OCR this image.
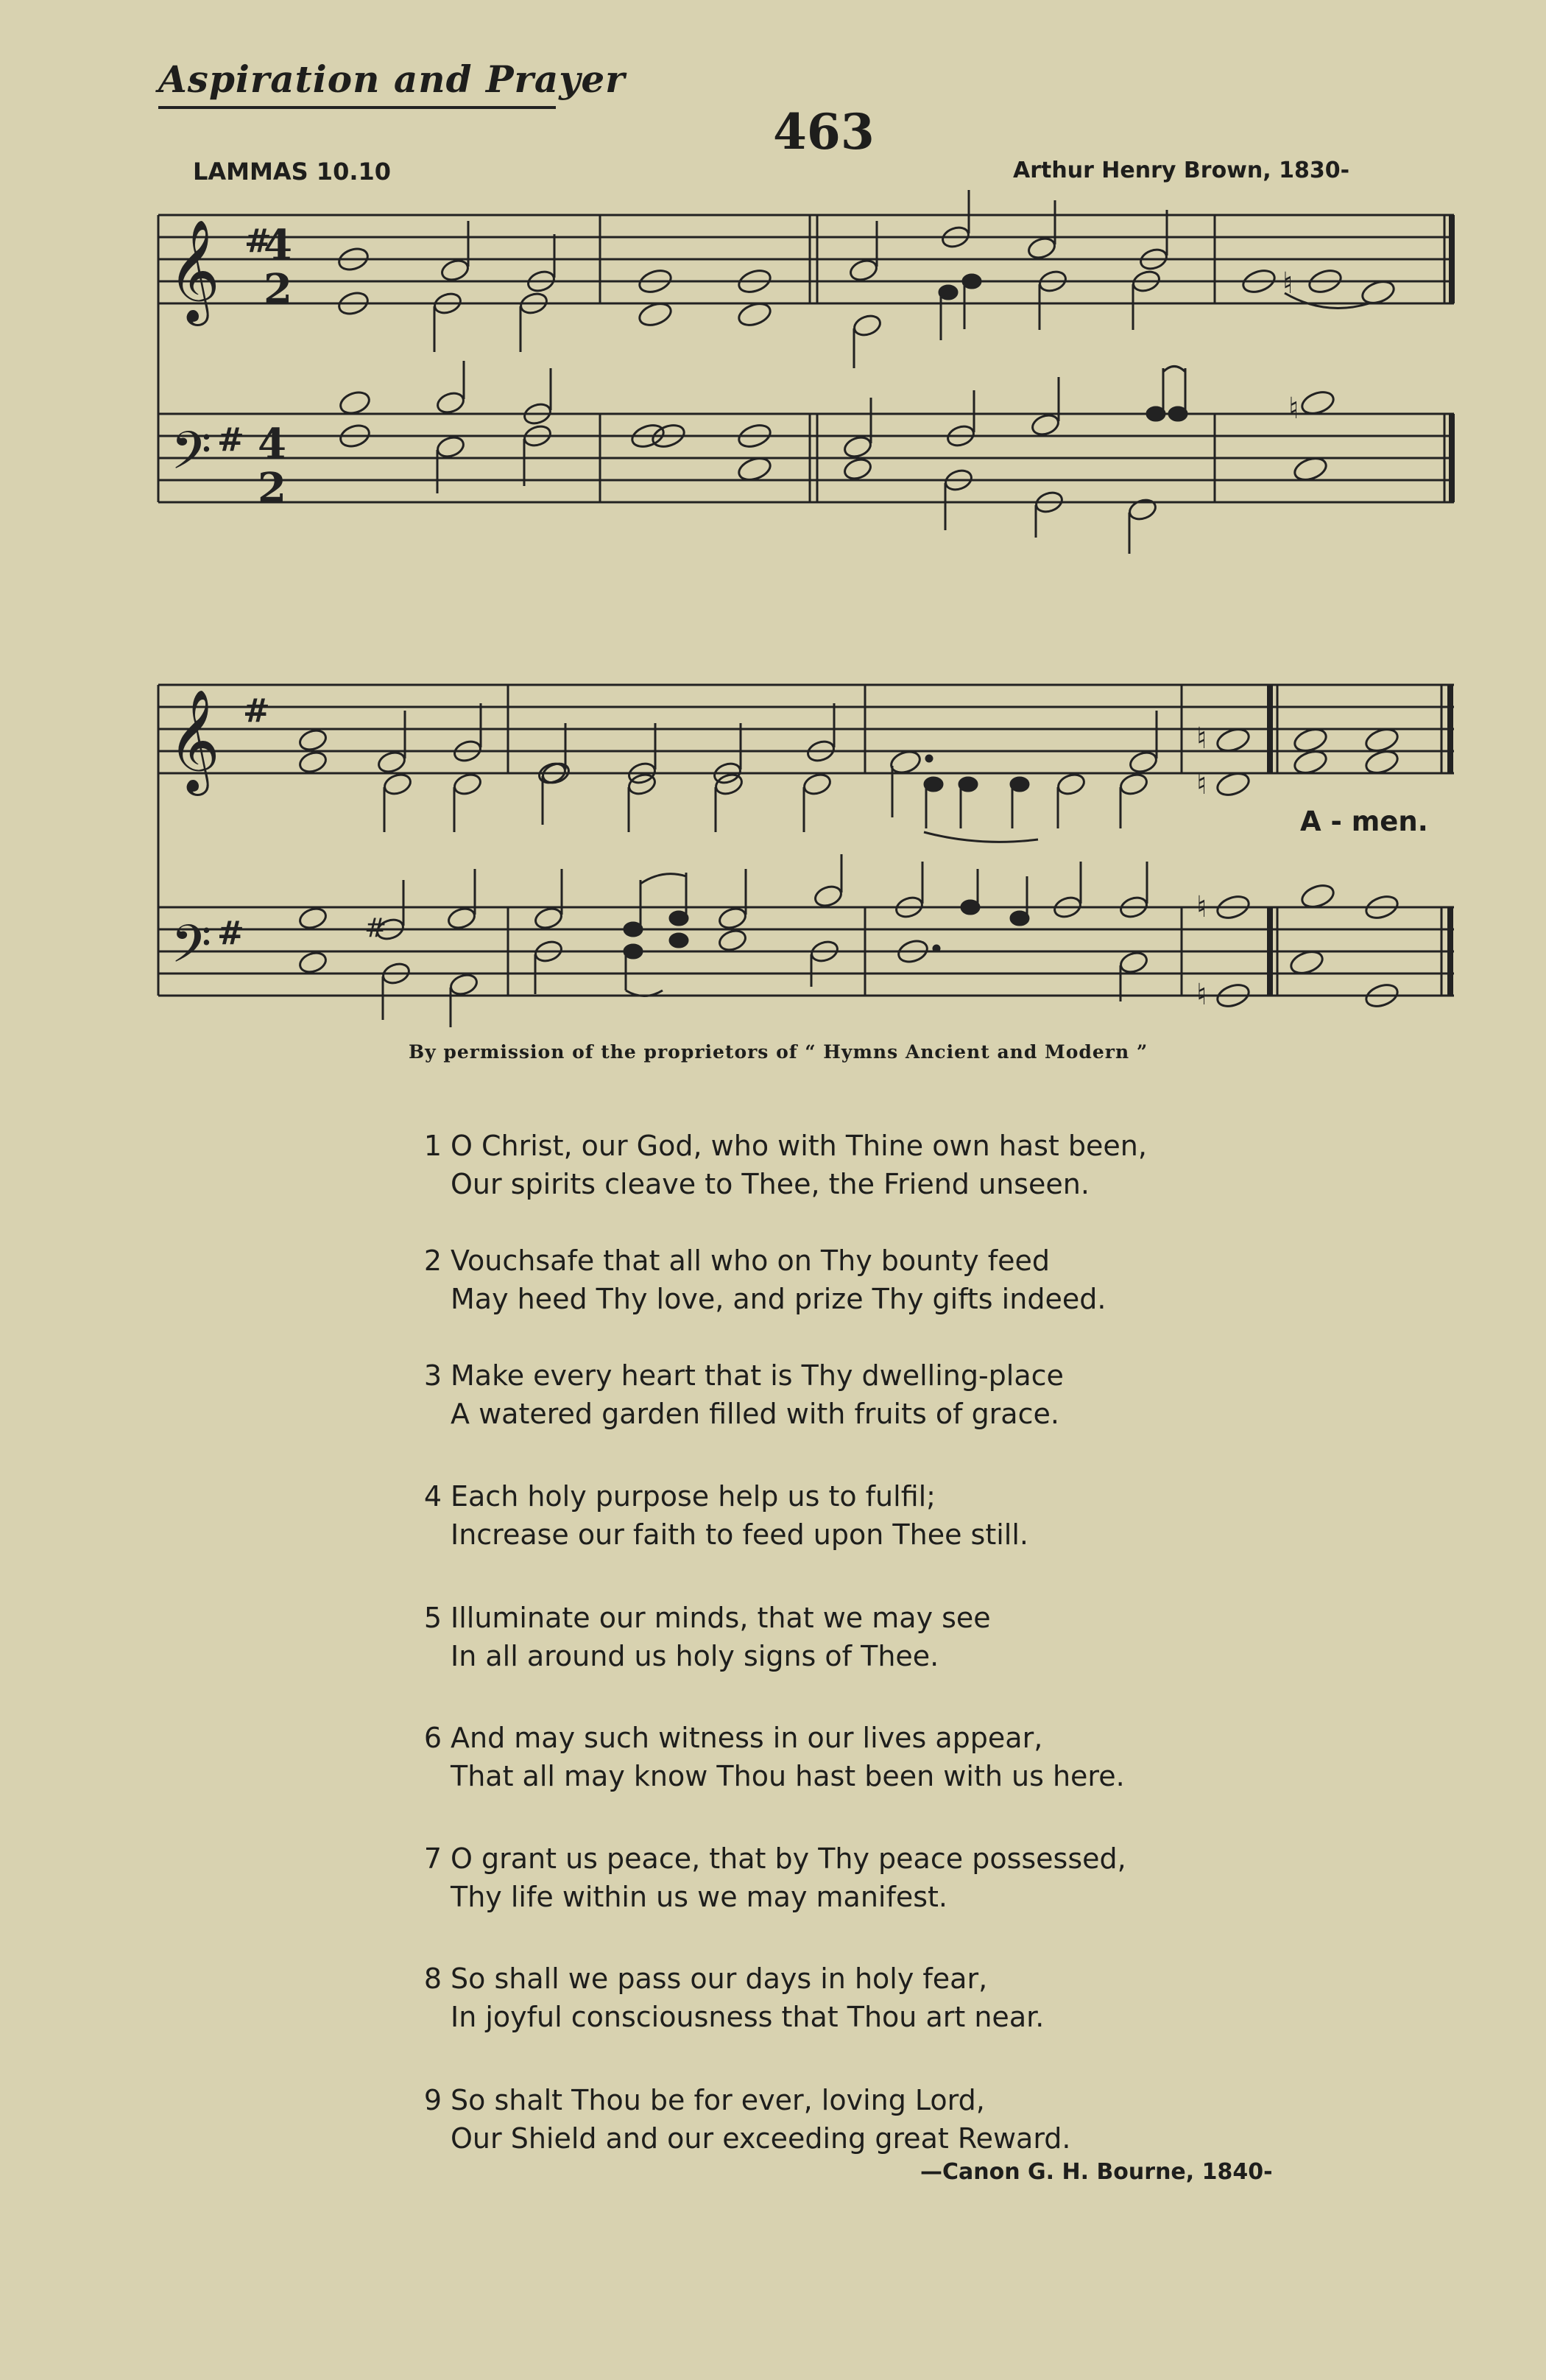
Aspiration and Prayer
463
LAMMAS 10.10	Arthur Henry Brown, 1830-
𝄞
𝄢
#
#
4
2
4
2
♮
♮
𝄞
𝄢
#
#
♮
♮
#
♮
♮
A - men.
By permission of the proprietors of “ Hymns Ancient and Modern ”
1 O Christ, our God, who with Thine own hast been,
Our spirits cleave to Thee, the Friend unseen.
2 Vouchsafe that all who on Thy bounty feed
May heed Thy love, and prize Thy gifts indeed.
3 Make every heart that is Thy dwelling-place
A watered garden filled with fruits of grace.
4 Each holy purpose help us to fulfil;
Increase our faith to feed upon Thee still.
5 Illuminate our minds, that we may see
In all around us holy signs of Thee.
6 And may such witness in our lives appear,
That all may know Thou hast been with us here.
7 O grant us peace, that by Thy peace possessed,
Thy life within us we may manifest.
8 So shall we pass our days in holy fear,
In joyful consciousness that Thou art near.
9 So shalt Thou be for ever, loving Lord,
Our Shield and our exceeding great Reward.
—Canon G. H. Bourne, 1840-
